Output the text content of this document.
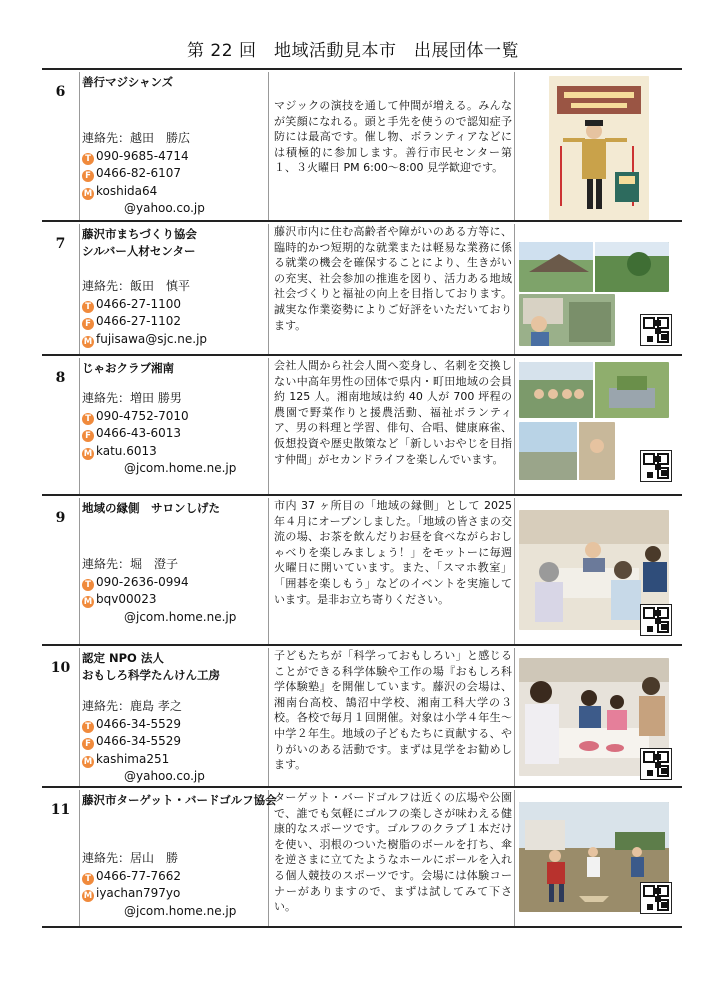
第 22 回　地域活動見本市　出展団体一覧
6
善行マジシャンズ
連絡先：越田　勝広
T 090-9685-4714
F 0466-82-6107
M koshida64
@yahoo.co.jp
マジックの演技を通して仲間が増える。みんなが笑顔になれる。頭と手先を使うので認知症予防には最高です。催し物、ボランティアなどには積極的に参加します。善行市民センター第１、３火曜日 PM 6:00～8:00 見学歓迎です。
7
藤沢市まちづくり協会
シルバー人材センター
連絡先：飯田　慎平
T 0466-27-1100
F 0466-27-1102
M fujisawa@sjc.ne.jp
藤沢市内に住む高齢者や障がいのある方等に、臨時的かつ短期的な就業または軽易な業務に係る就業の機会を確保することにより、生きがいの充実、社会参加の推進を図り、活力ある地域社会づくりと福祉の向上を目指しております。誠実な作業姿勢によりご好評をいただいております。
8
じゃおクラブ湘南
連絡先：増田 勝男
T 090-4752-7010
F 0466-43-6013
M katu.6013
@jcom.home.ne.jp
会社人間から社会人間へ変身し、名刺を交換しない中高年男性の団体で県内・町田地域の会員約 125 人。湘南地域は約 40 人が 700 坪程の農園で野菜作りと援農活動、福祉ボランティア、男の料理と学習、俳句、合唱、健康麻雀、仮想投資や歴史散策など「新しいおやじを目指す仲間」がセカンドライフを楽しんでいます。
9
地域の縁側　サロンしげた
連絡先：堀　澄子
T 090-2636-0994
M bqv00023
@jcom.home.ne.jp
市内 37 ヶ所目の「地域の縁側」として 2025 年４月にオープンしました。「地域の皆さまの交流の場、お茶を飲んだりお昼を食べながらおしゃべりを楽しみましょう！」をモットーに毎週火曜日に開いています。また、「スマホ教室」「囲碁を楽しもう」などのイベントを実施しています。是非お立ち寄りください。
10
認定 NPO 法人
おもしろ科学たんけん工房
連絡先：鹿島 孝之
T 0466-34-5529
F 0466-34-5529
M kashima251
@yahoo.co.jp
子どもたちが「科学っておもしろい」と感じることができる科学体験や工作の場『おもしろ科学体験塾』を開催しています。藤沢の会場は、湘南台高校、鵠沼中学校、湘南工科大学の３校。各校で毎月１回開催。対象は小学４年生～中学２年生。地域の子どもたちに貢献する、やりがいのある活動です。まずは見学をお勧めします。
11
藤沢市ターゲット・バードゴルフ協会
連絡先：居山　勝
T 0466-77-7662
M iyachan797yo
@jcom.home.ne.jp
ターゲット・バードゴルフは近くの広場や公園で、誰でも気軽にゴルフの楽しさが味わえる健康的なスポーツです。ゴルフのクラブ１本だけを使い、羽根のついた樹脂のボールを打ち、傘を逆さまに立てたようなホールにボールを入れる個人競技のスポーツです。会場には体験コーナーがありますので、まずは試してみて下さい。
